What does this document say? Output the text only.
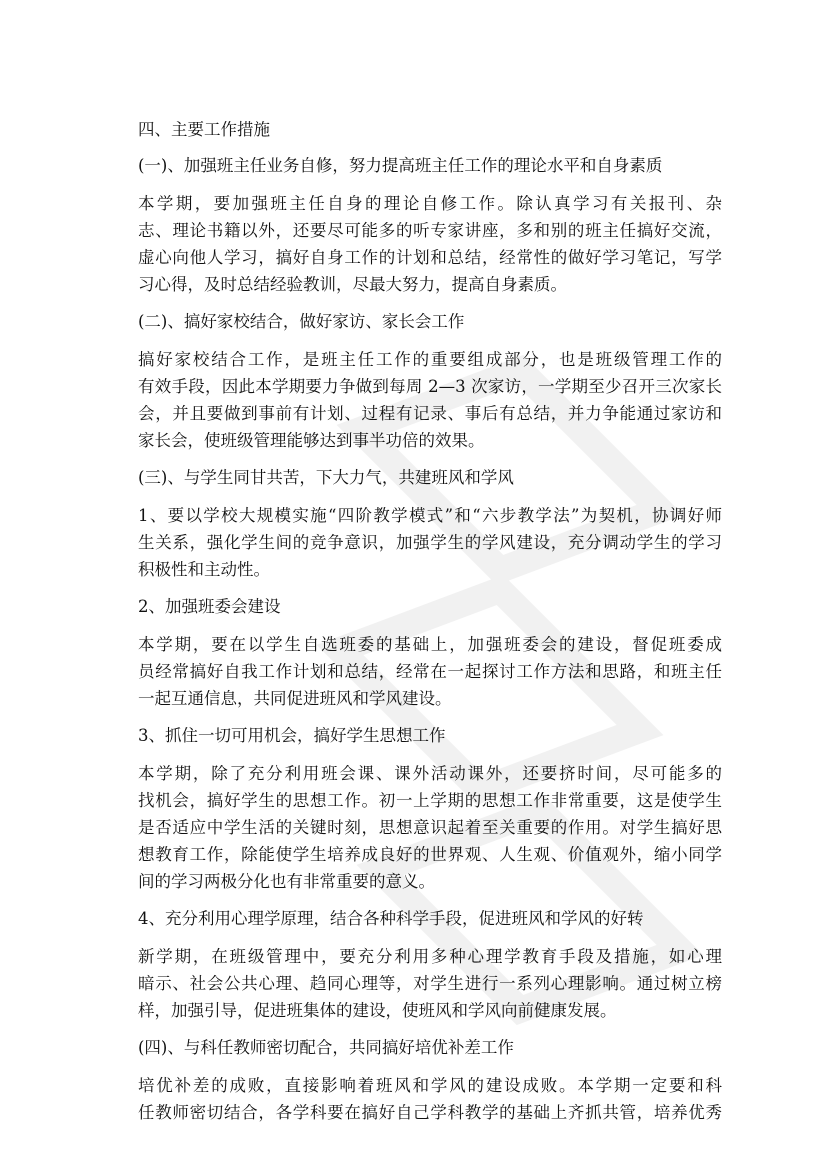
四、主要工作措施
(一)、加强班主任业务自修，努力提高班主任工作的理论水平和自身素质
本学期，要加强班主任自身的理论自修工作。除认真学习有关报刊、杂
志、理论书籍以外，还要尽可能多的听专家讲座，多和别的班主任搞好交流，
虚心向他人学习，搞好自身工作的计划和总结，经常性的做好学习笔记，写学
习心得，及时总结经验教训，尽最大努力，提高自身素质。
(二)、搞好家校结合，做好家访、家长会工作
搞好家校结合工作，是班主任工作的重要组成部分，也是班级管理工作的
有效手段，因此本学期要力争做到每周 2—3 次家访，一学期至少召开三次家长
会，并且要做到事前有计划、过程有记录、事后有总结，并力争能通过家访和
家长会，使班级管理能够达到事半功倍的效果。
(三)、与学生同甘共苦，下大力气，共建班风和学风
1、要以学校大规模实施“四阶教学模式”和“六步教学法”为契机，协调好师
生关系，强化学生间的竞争意识，加强学生的学风建设，充分调动学生的学习
积极性和主动性。
2、加强班委会建设
本学期，要在以学生自选班委的基础上，加强班委会的建设，督促班委成
员经常搞好自我工作计划和总结，经常在一起探讨工作方法和思路，和班主任
一起互通信息，共同促进班风和学风建设。
3、抓住一切可用机会，搞好学生思想工作
本学期，除了充分利用班会课、课外活动课外，还要挤时间，尽可能多的
找机会，搞好学生的思想工作。初一上学期的思想工作非常重要，这是使学生
是否适应中学生活的关键时刻，思想意识起着至关重要的作用。对学生搞好思
想教育工作，除能使学生培养成良好的世界观、人生观、价值观外，缩小同学
间的学习两极分化也有非常重要的意义。
4、充分利用心理学原理，结合各种科学手段，促进班风和学风的好转
新学期，在班级管理中，要充分利用多种心理学教育手段及措施，如心理
暗示、社会公共心理、趋同心理等，对学生进行一系列心理影响。通过树立榜
样，加强引导，促进班集体的建设，使班风和学风向前健康发展。
(四)、与科任教师密切配合，共同搞好培优补差工作
培优补差的成败，直接影响着班风和学风的建设成败。本学期一定要和科
任教师密切结合，各学科要在搞好自己学科教学的基础上齐抓共管，培养优秀
